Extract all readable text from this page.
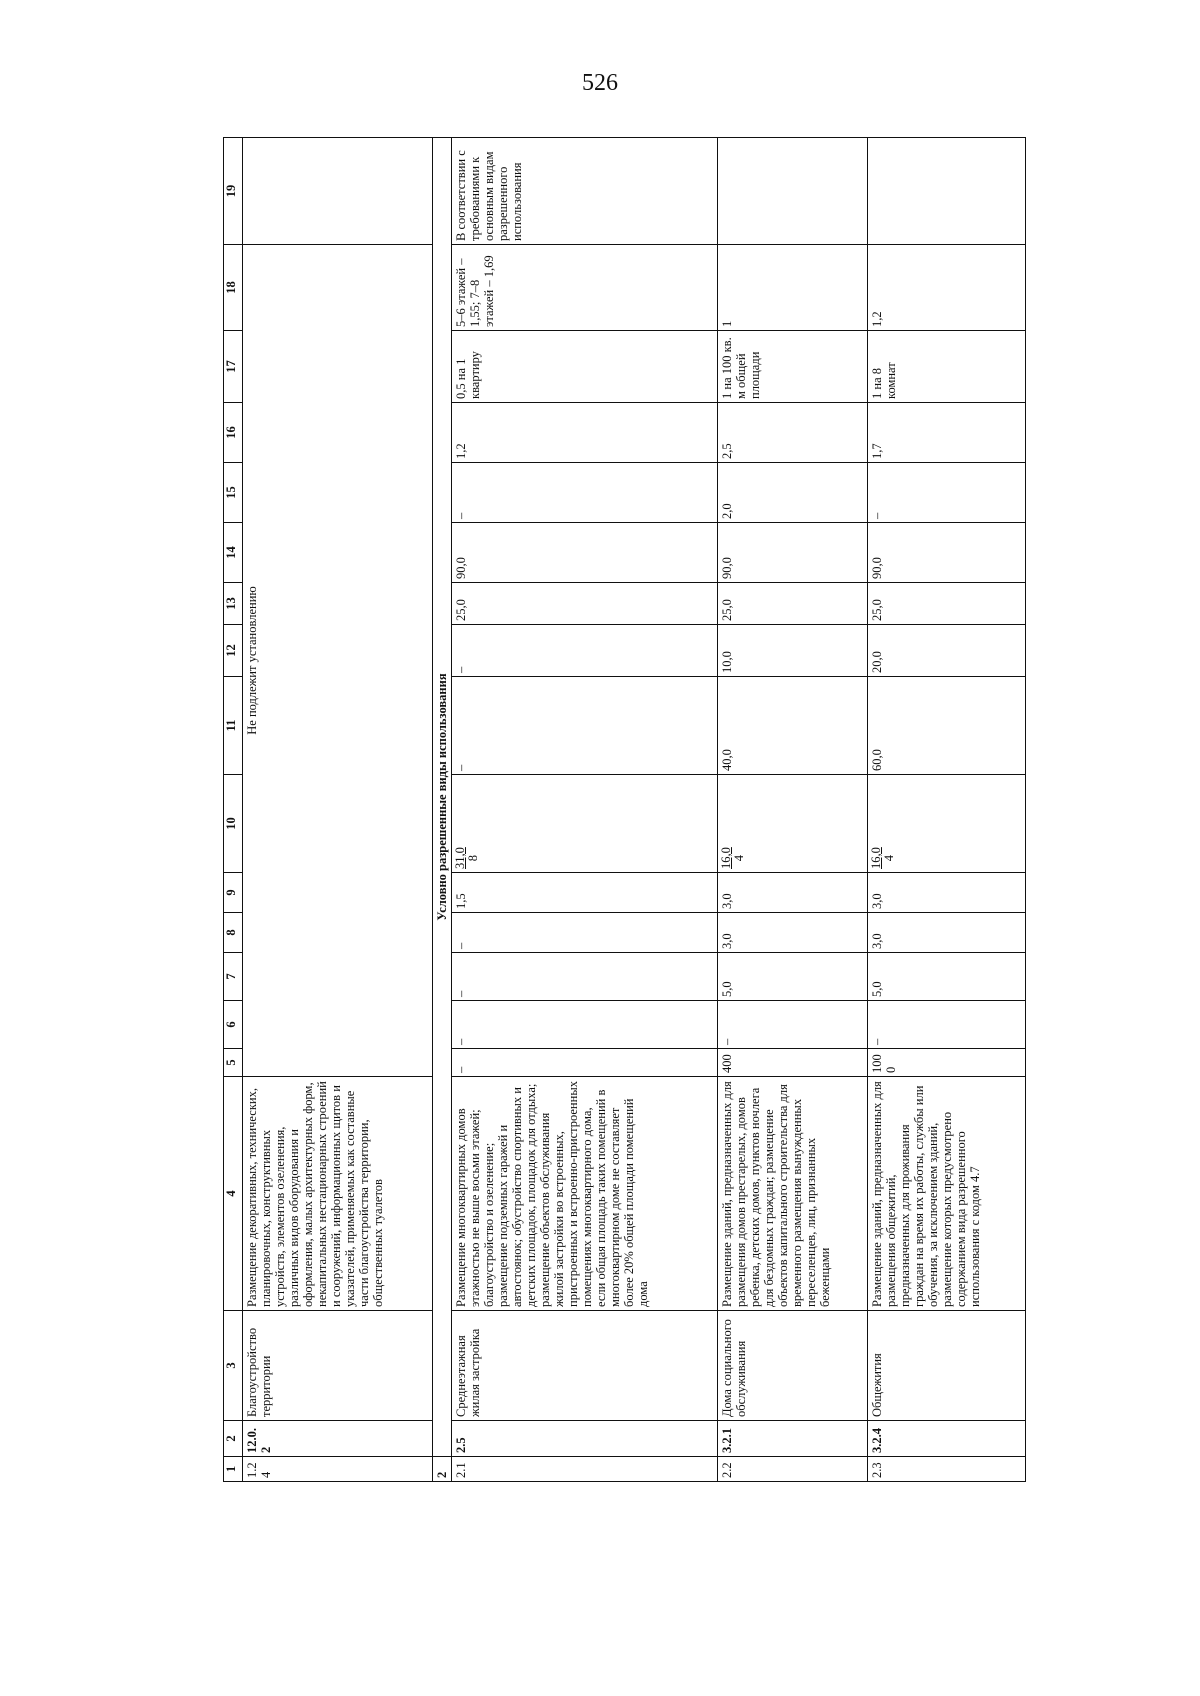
526
1	2	3	4	5	6	7	8	9	10	11	12	13	14	15	16	17	18	19
1.24	12.0.2	Благоустройство территории	Размещение декоративных, технических, планировочных, конструктивных устройств, элементов озеленения, различных видов оборудования и оформления, малых архитектурных форм, некапитальных нестационарных строений и сооружений, информационных щитов и указателей, применяемых как составные части благоустройства территории, общественных туалетов	Не подлежит установлению														
2	Условно разрешенные виды использования																	
2.1	2.5	Среднеэтажная жилая застройка	Размещение многоквартирных домов этажностью не выше восьми этажей; благоустройство и озеленение; размещение подземных гаражей и автостоянок; обустройство спортивных и детских площадок, площадок для отдыха; размещение объектов обслуживания жилой застройки во встроенных, пристроенных и встроенно-пристроенных помещениях многоквартирного дома, если общая площадь таких помещений в многоквартирном доме не составляет более 20% общей площади помещений дома	–	–	–	–	1,5	31,0 8	–	–	25,0	90,0	–	1,2	0,5 на 1 квартиру	5–6 этажей – 1,55; 7–8 этажей – 1,69	В соответствии с требованиями к основным видам разрешенного использования
2.2	3.2.1	Дома социального обслуживания	Размещение зданий, предназначенных для размещения домов престарелых, домов ребенка, детских домов, пунктов ночлега для бездомных граждан; размещение объектов капитального строительства для временного размещения вынужденных переселенцев, лиц, признанных беженцами	400	–	5,0	3,0	3,0	16,0 4	40,0	10,0	25,0	90,0	2,0	2,5	1 на 100 кв. м общей площади	1	
2.3	3.2.4	Общежития	Размещение зданий, предназначенных для размещения общежитий, предназначенных для проживания граждан на время их работы, службы или обучения, за исключением зданий, размещение которых предусмотрено содержанием вида разрешенного использования с кодом 4.7	1000	–	5,0	3,0	3,0	16,0 4	60,0	20,0	25,0	90,0	–	1,7	1 на 8 комнат	1,2	
